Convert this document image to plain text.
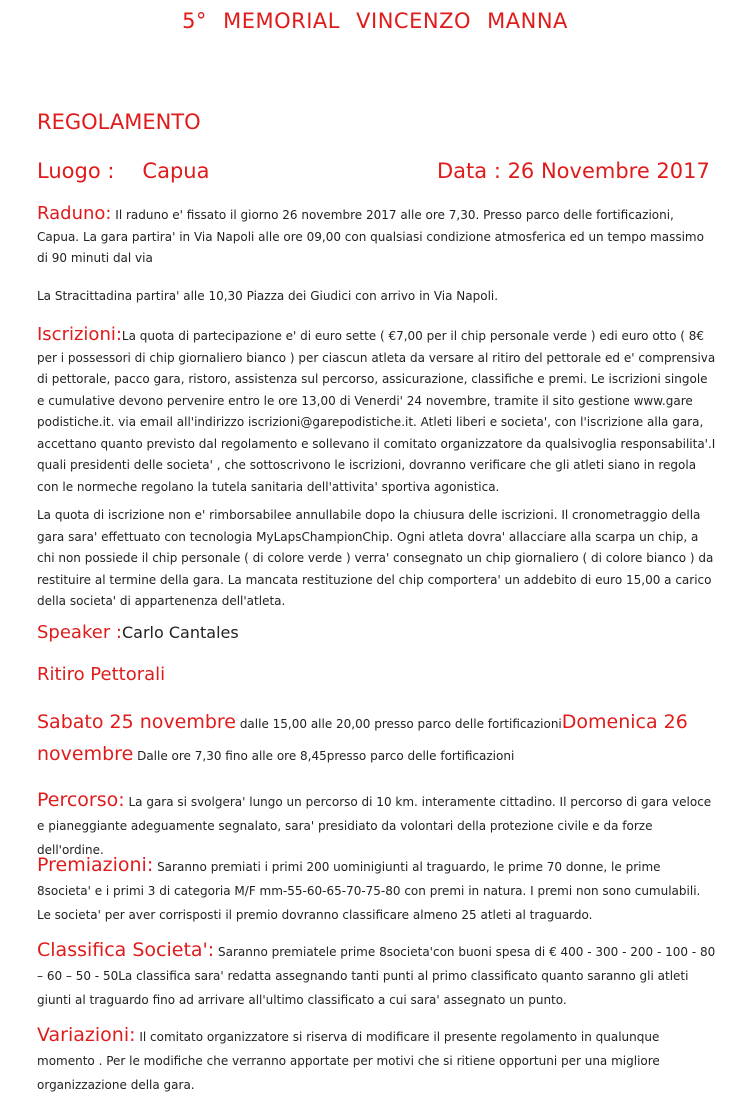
5° MEMORIAL VINCENZO MANNA
REGOLAMENTO
Luogo : Capua	Data : 26 Novembre 2017
Raduno: Il raduno e' fissato il giorno 26 novembre 2017 alle ore 7,30. Presso parco delle fortificazioni, Capua. La gara partira' in Via Napoli alle ore 09,00 con qualsiasi condizione atmosferica ed un tempo massimo di 90 minuti dal via
La Stracittadina partira' alle 10,30 Piazza dei Giudici con arrivo in Via Napoli.
Iscrizioni:La quota di partecipazione e' di euro sette ( €7,00 per il chip personale verde ) edi euro otto ( 8€ per i possessori di chip giornaliero bianco ) per ciascun atleta da versare al ritiro del pettorale ed e' comprensiva di pettorale, pacco gara, ristoro, assistenza sul percorso, assicurazione, classifiche e premi. Le iscrizioni singole e cumulative devono pervenire entro le ore 13,00 di Venerdi' 24 novembre, tramite il sito gestione www.gare podistiche.it. via email all'indirizzo iscrizioni@garepodistiche.it. Atleti liberi e societa', con l'iscrizione alla gara, accettano quanto previsto dal regolamento e sollevano il comitato organizzatore da qualsivoglia responsabilita'.I quali presidenti delle societa' , che sottoscrivono le iscrizioni, dovranno verificare che gli atleti siano in regola con le normeche regolano la tutela sanitaria dell'attivita' sportiva agonistica.
La quota di iscrizione non e' rimborsabilee annullabile dopo la chiusura delle iscrizioni. Il cronometraggio della gara sara' effettuato con tecnologia MyLapsChampionChip. Ogni atleta dovra' allacciare alla scarpa un chip, a chi non possiede il chip personale ( di colore verde ) verra' consegnato un chip giornaliero ( di colore bianco ) da restituire al termine della gara. La mancata restituzione del chip comportera' un addebito di euro 15,00 a carico della societa' di appartenenza dell'atleta.
Speaker :Carlo Cantales
Ritiro Pettorali
Sabato 25 novembre dalle 15,00 alle 20,00 presso parco delle fortificazioniDomenica 26 novembre Dalle ore 7,30 fino alle ore 8,45presso parco delle fortificazioni
Percorso: La gara si svolgera' lungo un percorso di 10 km. interamente cittadino. Il percorso di gara veloce e pianeggiante adeguamente segnalato, sara' presidiato da volontari della protezione civile e da forze dell'ordine.
Premiazioni: Saranno premiati i primi 200 uominigiunti al traguardo, le prime 70 donne, le prime 8societa' e i primi 3 di categoria M/F mm-55-60-65-70-75-80 con premi in natura. I premi non sono cumulabili. Le societa' per aver corrisposti il premio dovranno classificare almeno 25 atleti al traguardo.
Classifica Societa': Saranno premiatele prime 8societa'con buoni spesa di € 400 - 300 - 200 - 100 - 80 – 60 – 50 - 50La classifica sara' redatta assegnando tanti punti al primo classificato quanto saranno gli atleti giunti al traguardo fino ad arrivare all'ultimo classificato a cui sara' assegnato un punto.
Variazioni: Il comitato organizzatore si riserva di modificare il presente regolamento in qualunque momento . Per le modifiche che verranno apportate per motivi che si ritiene opportuni per una migliore organizzazione della gara.
